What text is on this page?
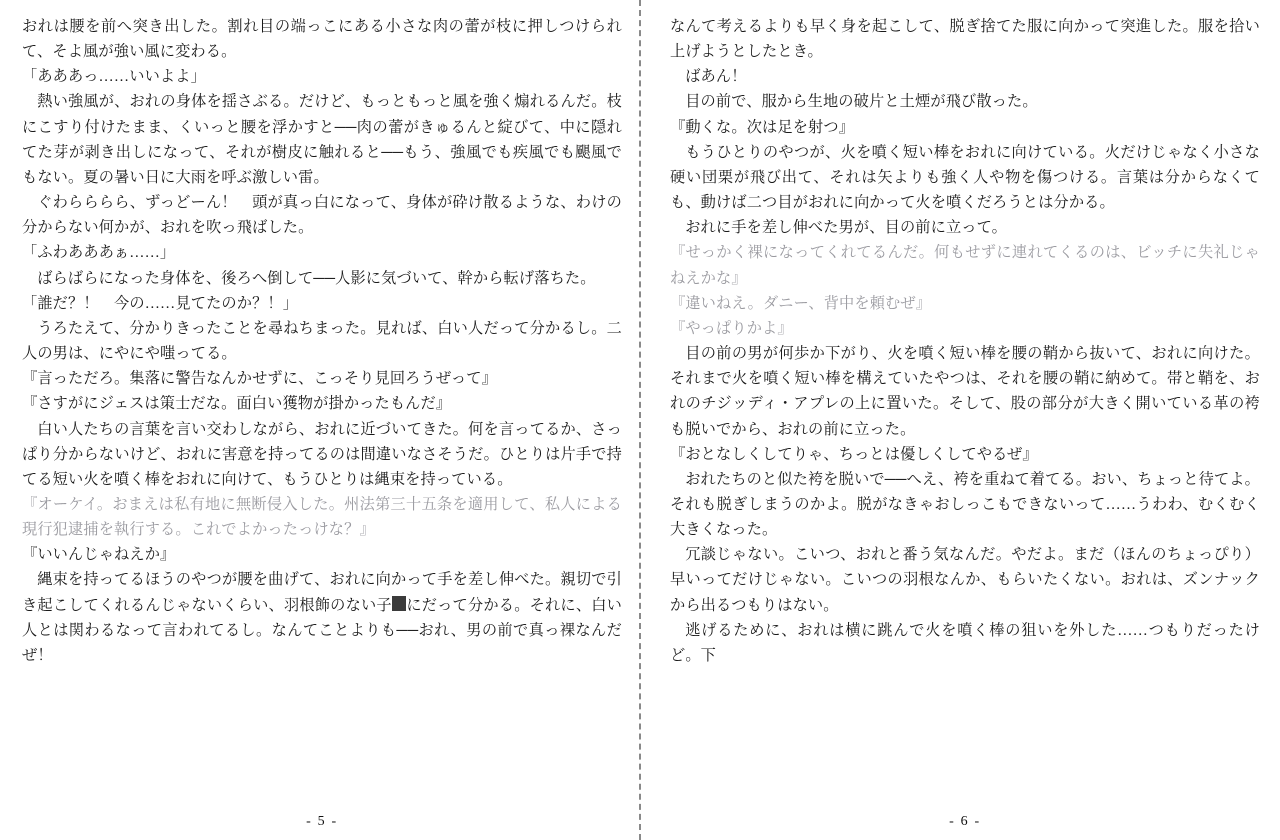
おれは腰を前へ突き出した。割れ目の端っこにある小さな肉の蕾が枝に押しつけられて、そよ風が強い風に変わる。

「あああっ……いいよよ」

熱い強風が、おれの身体を揺さぶる。だけど、もっともっと風を強く煽れるんだ。枝にこすり付けたまま、くいっと腰を浮かすと──肉の蕾がきゅるんと綻びて、中に隠れてた芽が剥き出しになって、それが樹皮に触れると──もう、強風でも疾風でも颶風でもない。夏の暑い日に大雨を呼ぶ激しい雷。

ぐわらららら、ずっどーん！　頭が真っ白になって、身体が砕け散るような、わけの分からない何かが、おれを吹っ飛ばした。

「ふわあああぁ……」

ばらばらになった身体を、後ろへ倒して──人影に気づいて、幹から転げ落ちた。

「誰だ？！　今の……見てたのか？！」

うろたえて、分かりきったことを尋ねちまった。見れば、白い人だって分かるし。二人の男は、にやにや嗤ってる。

『言っただろ。集落に警告なんかせずに、こっそり見回ろうぜって』

『さすがにジェスは策士だな。面白い獲物が掛かったもんだ』

白い人たちの言葉を言い交わしながら、おれに近づいてきた。何を言ってるか、さっぱり分からないけど、おれに害意を持ってるのは間違いなさそうだ。ひとりは片手で持てる短い火を噴く棒をおれに向けて、もうひとりは縄束を持っている。

『オーケイ。おまえは私有地に無断侵入した。州法第三十五条を適用して、私人による現行犯逮捕を執行する。これでよかったっけな？』

『いいんじゃねえか』

縄束を持ってるほうのやつが腰を曲げて、おれに向かって手を差し伸べた。親切で引き起こしてくれるんじゃないくらい、羽根飾のない子 にだって分かる。それに、白い人とは関わるなって言われてるし。なんてことよりも──おれ、男の前で真っ裸なんだぜ！

- 5 -

なんて考えるよりも早く身を起こして、脱ぎ捨てた服に向かって突進した。服を拾い上げようとしたとき。

ばあん！

目の前で、服から生地の破片と土煙が飛び散った。

『動くな。次は足を射つ』

もうひとりのやつが、火を噴く短い棒をおれに向けている。火だけじゃなく小さな硬い団栗が飛び出て、それは矢よりも強く人や物を傷つける。言葉は分からなくても、動けば二つ目がおれに向かって火を噴くだろうとは分かる。

おれに手を差し伸べた男が、目の前に立って。

『せっかく裸になってくれてるんだ。何もせずに連れてくるのは、ビッチに失礼じゃねえかな』

『違いねえ。ダニー、背中を頼むぜ』

『やっぱりかよ』

目の前の男が何歩か下がり、火を噴く短い棒を腰の鞘から抜いて、おれに向けた。それまで火を噴く短い棒を構えていたやつは、それを腰の鞘に納めて。帯と鞘を、おれのチジッディ・アプレの上に置いた。そして、股の部分が大きく開いている革の袴も脱いでから、おれの前に立った。

『おとなしくしてりゃ、ちっとは優しくしてやるぜ』

おれたちのと似た袴を脱いで──へえ、袴を重ねて着てる。おい、ちょっと待てよ。それも脱ぎしまうのかよ。脱がなきゃおしっこもできないって……うわわ、むくむく大きくなった。

冗談じゃない。こいつ、おれと番う気なんだ。やだよ。まだ（ほんのちょっぴり）早いってだけじゃない。こいつの羽根なんか、もらいたくない。おれは、ズンナックから出るつもりはない。

逃げるために、おれは横に跳んで火を噴く棒の狙いを外した……つもりだったけど。下

- 6 -
